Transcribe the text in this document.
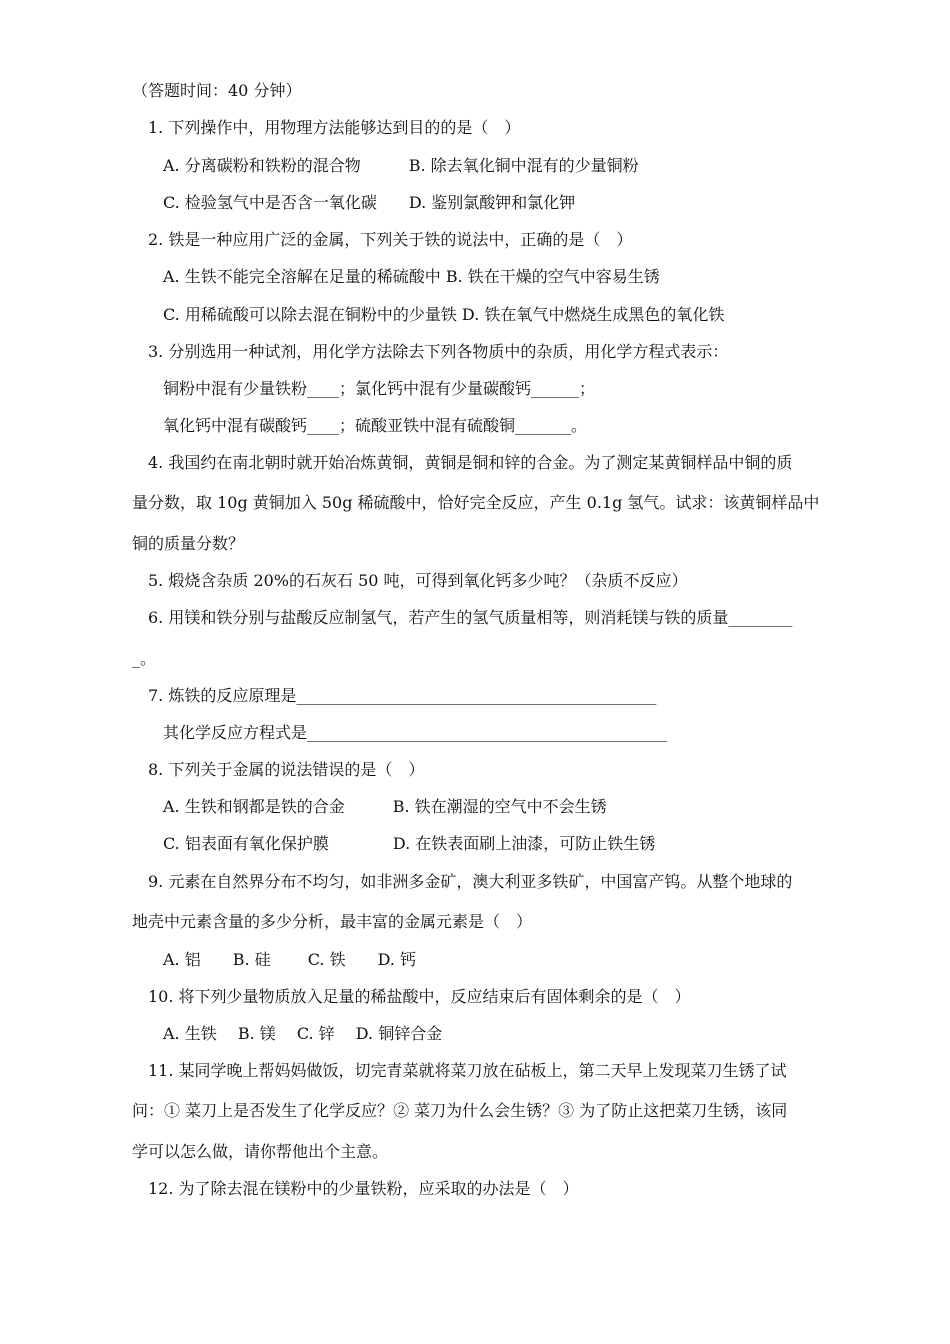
（答题时间：40 分钟）
1. 下列操作中，用物理方法能够达到目的的是（　）
A. 分离碳粉和铁粉的混合物　　　B. 除去氧化铜中混有的少量铜粉
C. 检验氢气中是否含一氧化碳　　D. 鉴别氯酸钾和氯化钾
2. 铁是一种应用广泛的金属，下列关于铁的说法中，正确的是（　）
A. 生铁不能完全溶解在足量的稀硫酸中 B. 铁在干燥的空气中容易生锈
C. 用稀硫酸可以除去混在铜粉中的少量铁 D. 铁在氧气中燃烧生成黑色的氧化铁
3. 分别选用一种试剂，用化学方法除去下列各物质中的杂质，用化学方程式表示：
铜粉中混有少量铁粉____；氯化钙中混有少量碳酸钙______；
氧化钙中混有碳酸钙____；硫酸亚铁中混有硫酸铜_______。
4. 我国约在南北朝时就开始冶炼黄铜，黄铜是铜和锌的合金。为了测定某黄铜样品中铜的质
量分数，取 10g 黄铜加入 50g 稀硫酸中，恰好完全反应，产生 0.1g 氢气。试求：该黄铜样品中
铜的质量分数？
5. 煅烧含杂质 20%的石灰石 50 吨，可得到氧化钙多少吨？（杂质不反应）
6. 用镁和铁分别与盐酸反应制氢气，若产生的氢气质量相等，则消耗镁与铁的质量________
_。
7. 炼铁的反应原理是_____________________________________________
其化学反应方程式是_____________________________________________
8. 下列关于金属的说法错误的是（　）
A. 生铁和钢都是铁的合金　　　B. 铁在潮湿的空气中不会生锈
C. 铝表面有氧化保护膜　　　　D. 在铁表面刷上油漆，可防止铁生锈
9. 元素在自然界分布不均匀，如非洲多金矿，澳大利亚多铁矿，中国富产钨。从整个地球的
地壳中元素含量的多少分析，最丰富的金属元素是（　）
A. 铝　　B. 硅　　 C. 铁　　D. 钙
10. 将下列少量物质放入足量的稀盐酸中，反应结束后有固体剩余的是（　）
A. 生铁　 B. 镁　 C. 锌　 D. 铜锌合金
11. 某同学晚上帮妈妈做饭，切完青菜就将菜刀放在砧板上，第二天早上发现菜刀生锈了试
问：① 菜刀上是否发生了化学反应？② 菜刀为什么会生锈？③ 为了防止这把菜刀生锈，该同
学可以怎么做，请你帮他出个主意。
12. 为了除去混在镁粉中的少量铁粉，应采取的办法是（　）
